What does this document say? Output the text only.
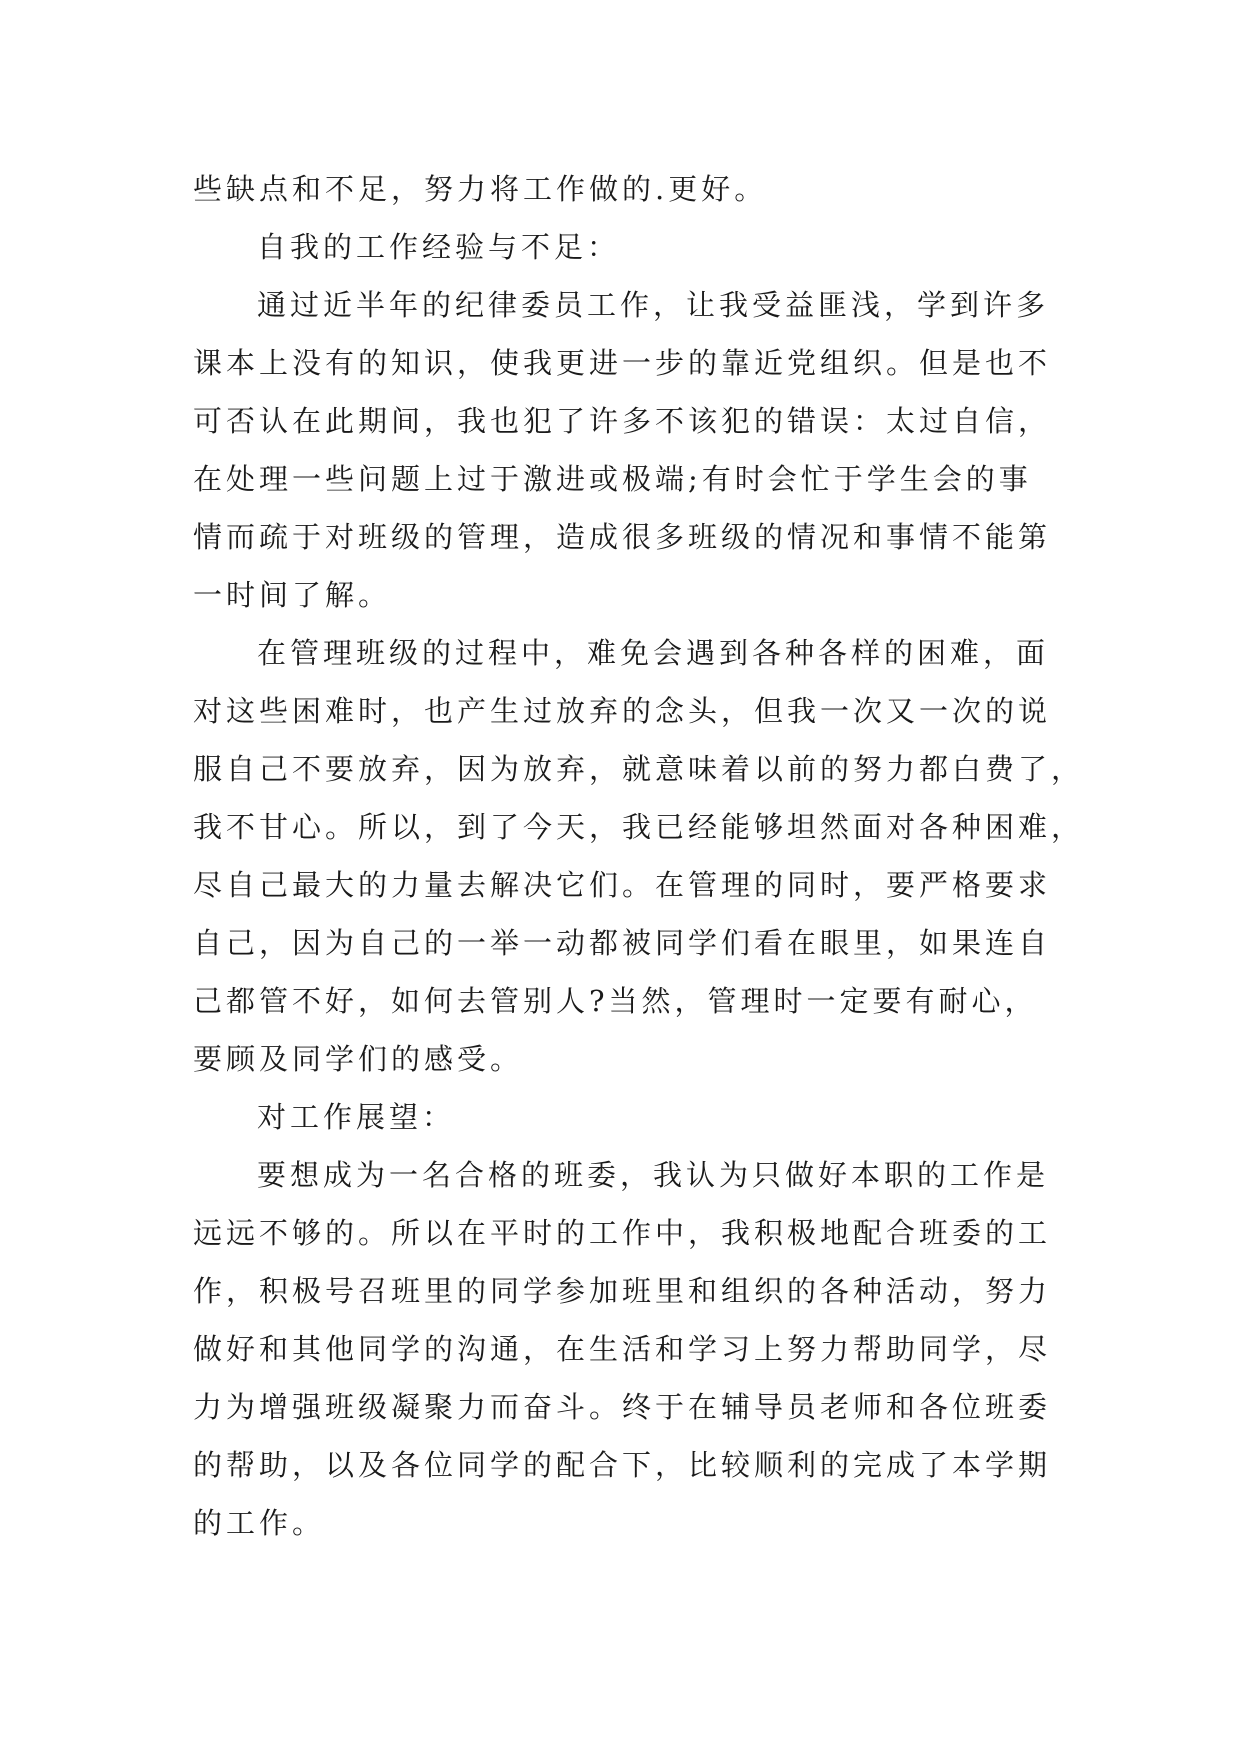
些缺点和不足，努力将工作做的.更好。
自我的工作经验与不足：
通过近半年的纪律委员工作，让我受益匪浅，学到许多
课本上没有的知识，使我更进一步的靠近党组织。但是也不
可否认在此期间，我也犯了许多不该犯的错误：太过自信，
在处理一些问题上过于激进或极端;有时会忙于学生会的事
情而疏于对班级的管理，造成很多班级的情况和事情不能第
一时间了解。
在管理班级的过程中，难免会遇到各种各样的困难，面
对这些困难时，也产生过放弃的念头，但我一次又一次的说
服自己不要放弃，因为放弃，就意味着以前的努力都白费了，
我不甘心。所以，到了今天，我已经能够坦然面对各种困难，
尽自己最大的力量去解决它们。在管理的同时，要严格要求
自己，因为自己的一举一动都被同学们看在眼里，如果连自
己都管不好，如何去管别人?当然，管理时一定要有耐心，
要顾及同学们的感受。
对工作展望：
要想成为一名合格的班委，我认为只做好本职的工作是
远远不够的。所以在平时的工作中，我积极地配合班委的工
作，积极号召班里的同学参加班里和组织的各种活动，努力
做好和其他同学的沟通，在生活和学习上努力帮助同学，尽
力为增强班级凝聚力而奋斗。终于在辅导员老师和各位班委
的帮助，以及各位同学的配合下，比较顺利的完成了本学期
的工作。
